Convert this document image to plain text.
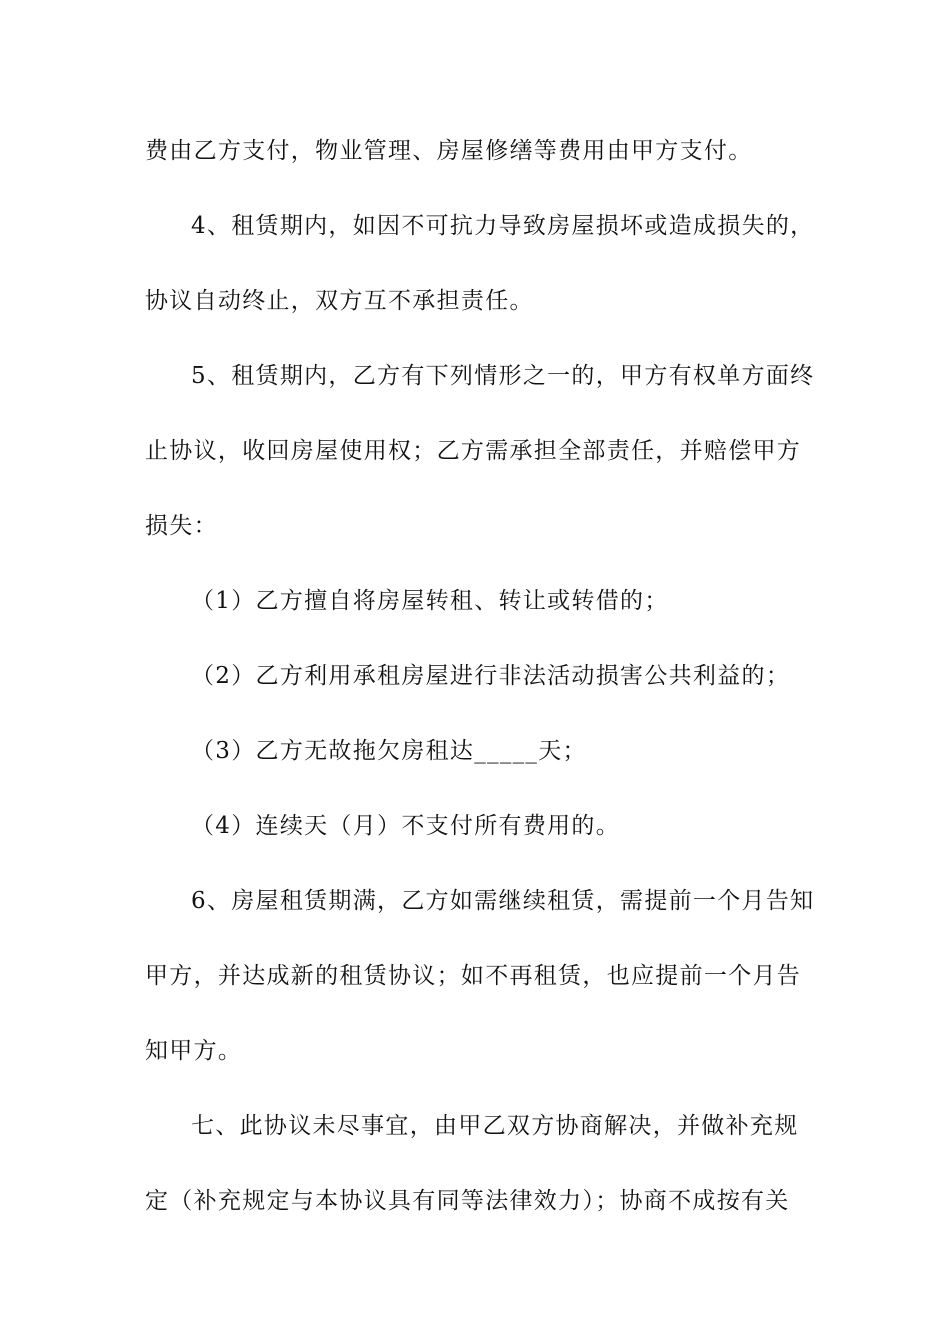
费由乙方支付，物业管理、房屋修缮等费用由甲方支付。
4、租赁期内，如因不可抗力导致房屋损坏或造成损失的，
协议自动终止，双方互不承担责任。
5、租赁期内，乙方有下列情形之一的，甲方有权单方面终
止协议，收回房屋使用权；乙方需承担全部责任，并赔偿甲方
损失：
（1）乙方擅自将房屋转租、转让或转借的；
（2）乙方利用承租房屋进行非法活动损害公共利益的；
（3）乙方无故拖欠房租达_____天；
（4）连续天（月）不支付所有费用的。
6、房屋租赁期满，乙方如需继续租赁，需提前一个月告知
甲方，并达成新的租赁协议；如不再租赁，也应提前一个月告
知甲方。
七、此协议未尽事宜，由甲乙双方协商解决，并做补充规
定（补充规定与本协议具有同等法律效力）；协商不成按有关
